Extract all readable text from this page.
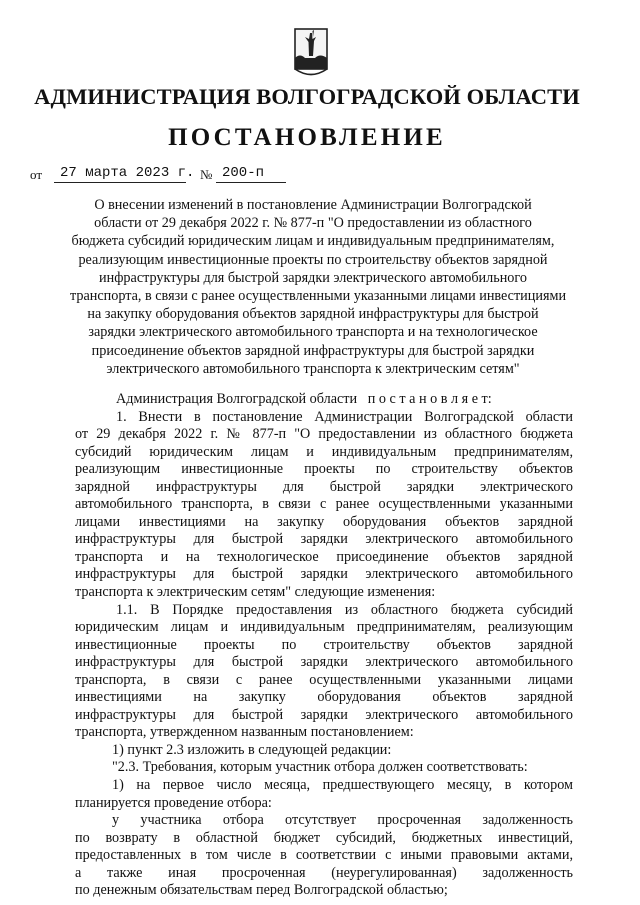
АДМИНИСТРАЦИЯ ВОЛГОГРАДСКОЙ ОБЛАСТИ
ПОСТАНОВЛЕНИЕ
от 27 марта 2023 г. № 200-п
О внесении изменений в постановление Администрации Волгоградской
области от 29 декабря 2022 г. № 877-п "О предоставлении из областного
бюджета субсидий юридическим лицам и индивидуальным предпринимателям,
реализующим инвестиционные проекты по строительству объектов зарядной
инфраструктуры для быстрой зарядки электрического автомобильного
транспорта, в связи с ранее осуществленными указанными лицами инвестициями
на закупку оборудования объектов зарядной инфраструктуры для быстрой
зарядки электрического автомобильного транспорта и на технологическое
присоединение объектов зарядной инфраструктуры для быстрой зарядки
электрического автомобильного транспорта к электрическим сетям"
Администрация Волгоградской области п о с т а н о в л я е т:
1. Внести в постановление Администрации Волгоградской области
от 29 декабря 2022 г. № 877-п "О предоставлении из областного бюджета
субсидий юридическим лицам и индивидуальным предпринимателям,
реализующим инвестиционные проекты по строительству объектов
зарядной инфраструктуры для быстрой зарядки электрического
автомобильного транспорта, в связи с ранее осуществленными указанными
лицами инвестициями на закупку оборудования объектов зарядной
инфраструктуры для быстрой зарядки электрического автомобильного
транспорта и на технологическое присоединение объектов зарядной
инфраструктуры для быстрой зарядки электрического автомобильного
транспорта к электрическим сетям" следующие изменения:
1.1. В Порядке предоставления из областного бюджета субсидий
юридическим лицам и индивидуальным предпринимателям, реализующим
инвестиционные проекты по строительству объектов зарядной
инфраструктуры для быстрой зарядки электрического автомобильного
транспорта, в связи с ранее осуществленными указанными лицами
инвестициями на закупку оборудования объектов зарядной
инфраструктуры для быстрой зарядки электрического автомобильного
транспорта, утвержденном названным постановлением:
1) пункт 2.3 изложить в следующей редакции:
"2.3. Требования, которым участник отбора должен соответствовать:
1) на первое число месяца, предшествующего месяцу, в котором
планируется проведение отбора:
у участника отбора отсутствует просроченная задолженность
по возврату в областной бюджет субсидий, бюджетных инвестиций,
предоставленных в том числе в соответствии с иными правовыми актами,
а также иная просроченная (неурегулированная) задолженность
по денежным обязательствам перед Волгоградской областью;
